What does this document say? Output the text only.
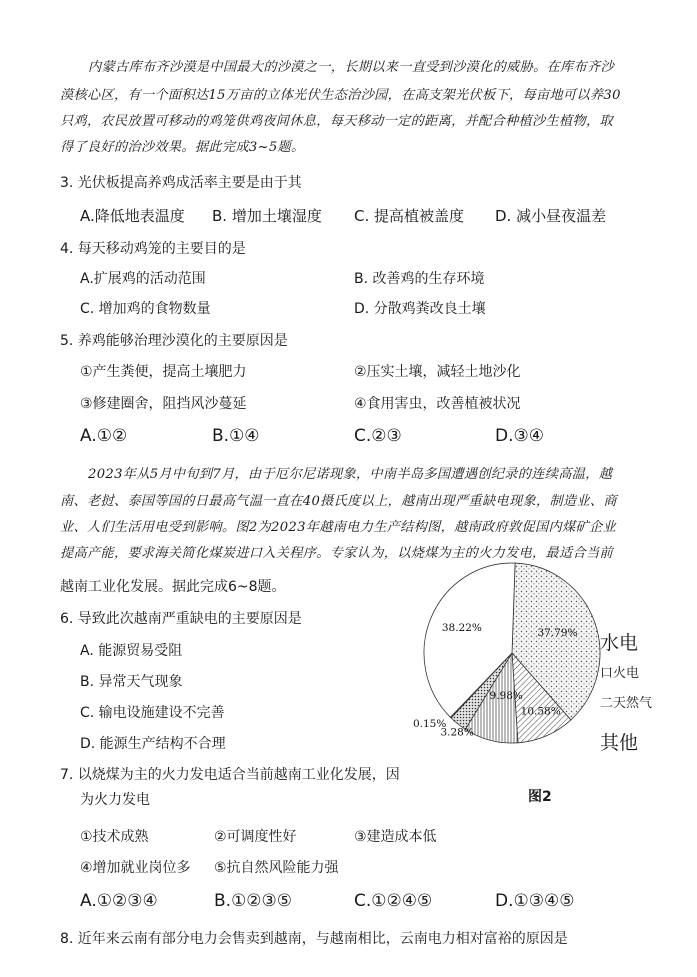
内蒙古库布齐沙漠是中国最大的沙漠之一，长期以来一直受到沙漠化的威胁。在库布齐沙
漠核心区，有一个面积达15万亩的立体光伏生态治沙园，在高支架光伏板下，每亩地可以养30
只鸡，农民放置可移动的鸡笼供鸡夜间休息，每天移动一定的距离，并配合种植沙生植物，取
得了良好的治沙效果。据此完成3~5题。
3. 光伏板提高养鸡成活率主要是由于其
A.降低地表温度 B. 增加土壤湿度 C. 提高植被盖度 D. 减小昼夜温差
4. 每天移动鸡笼的主要目的是
A.扩展鸡的活动范围	B. 改善鸡的生存环境
C. 增加鸡的食物数量	D. 分散鸡粪改良土壤
5. 养鸡能够治理沙漠化的主要原因是
①产生粪便，提高土壤肥力	②压实土壤，减轻土地沙化
③修建圈舍，阻挡风沙蔓延	④食用害虫，改善植被状况
A.①②	B.①④	C.②③	D.③④
2023年从5月中旬到7月，由于厄尔尼诺现象，中南半岛多国遭遇创纪录的连续高温，越
南、老挝、泰国等国的日最高气温一直在40摄氏度以上，越南出现严重缺电现象，制造业、商
业、人们生活用电受到影响。图2为2023年越南电力生产结构图，越南政府敦促国内煤矿企业
提高产能，要求海关简化煤炭进口入关程序。专家认为，以烧煤为主的火力发电，最适合当前
越南工业化发展。据此完成6~8题。
6. 导致此次越南严重缺电的主要原因是
A. 能源贸易受阻
B. 异常天气现象
C. 输电设施建设不完善
D. 能源生产结构不合理
7. 以烧煤为主的火力发电适合当前越南工业化发展，因
为火力发电
①技术成熟	②可调度性好	③建造成本低
④增加就业岗位多 ⑤抗自然风险能力强
A.①②③④	B.①②③⑤	C.①②④⑤	D.①③④⑤
8. 近年来云南有部分电力会售卖到越南，与越南相比，云南电力相对富裕的原因是
37.79%
10.58%
9.98%
3.28%
0.15%
38.22%
水电
口火电
二天然气
其他
图2
